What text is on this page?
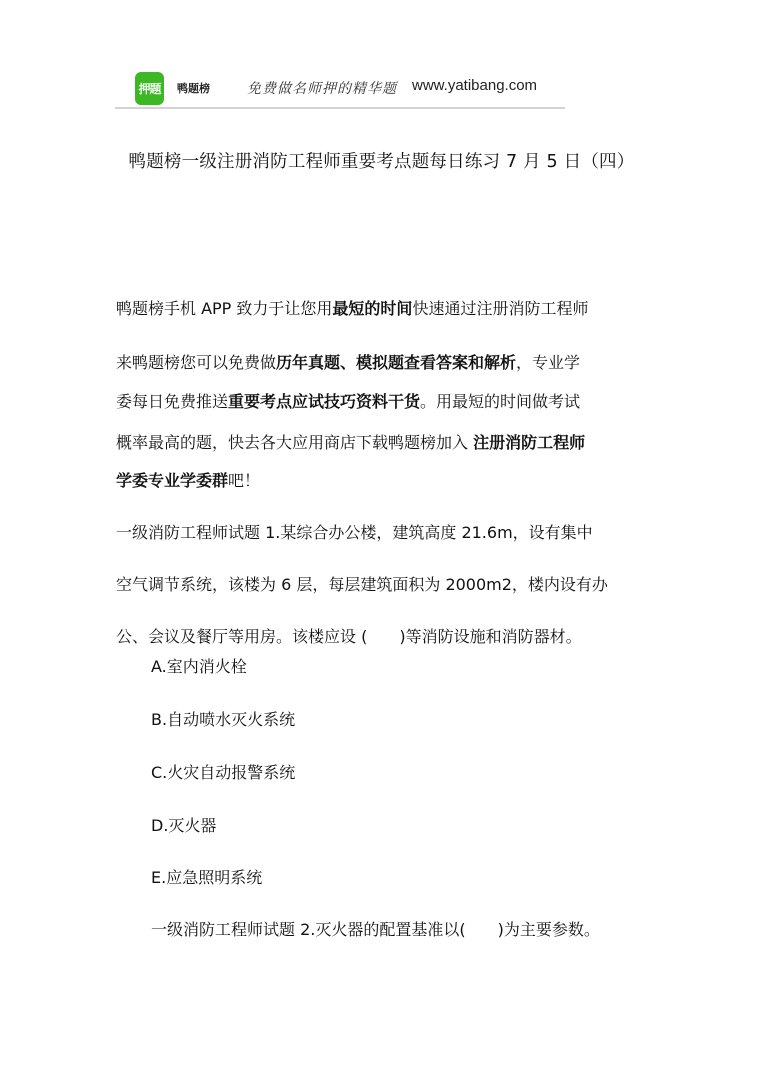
押题	鸭题榜	免费做名师押的精华题 www.yatibang.com
鸭题榜一级注册消防工程师重要考点题每日练习 7 月 5 日（四）
鸭题榜手机 APP 致力于让您用最短的时间快速通过注册消防工程师
来鸭题榜您可以免费做历年真题、模拟题查看答案和解析，专业学
委每日免费推送重要考点应试技巧资料干货。用最短的时间做考试
概率最高的题，快去各大应用商店下载鸭题榜加入 注册消防工程师
学委专业学委群吧！
一级消防工程师试题 1.某综合办公楼，建筑高度 21.6m，设有集中
空气调节系统，该楼为 6 层，每层建筑面积为 2000m2，楼内设有办
公、会议及餐厅等用房。该楼应设 (　　)等消防设施和消防器材。
A.室内消火栓
B.自动喷水灭火系统
C.火灾自动报警系统
D.灭火器
E.应急照明系统
一级消防工程师试题 2.灭火器的配置基准以(　　)为主要参数。
